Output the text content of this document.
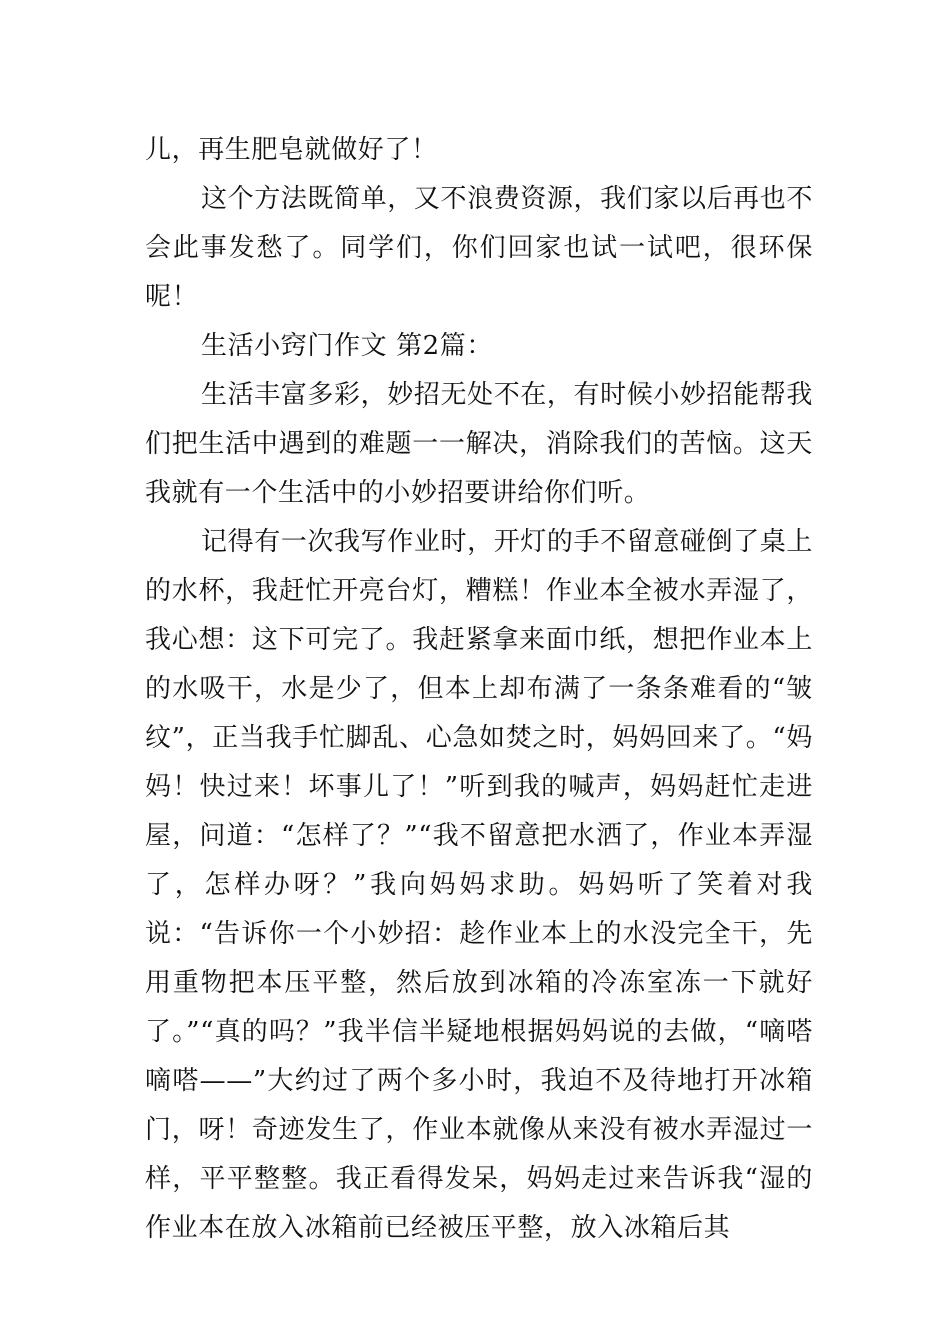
儿，再生肥皂就做好了！

这个方法既简单，又不浪费资源，我们家以后再也不会此事发愁了。同学们，你们回家也试一试吧，很环保呢！

生活小窍门作文 第2篇：

生活丰富多彩，妙招无处不在，有时候小妙招能帮我们把生活中遇到的难题一一解决，消除我们的苦恼。这天我就有一个生活中的小妙招要讲给你们听。

记得有一次我写作业时，开灯的手不留意碰倒了桌上的水杯，我赶忙开亮台灯，糟糕！作业本全被水弄湿了，我心想：这下可完了。我赶紧拿来面巾纸，想把作业本上的水吸干，水是少了，但本上却布满了一条条难看的“皱纹”，正当我手忙脚乱、心急如焚之时，妈妈回来了。“妈妈！快过来！坏事儿了！”听到我的喊声，妈妈赶忙走进屋，问道：“怎样了？”“我不留意把水洒了，作业本弄湿了，怎样办呀？”我向妈妈求助。妈妈听了笑着对我说：“告诉你一个小妙招：趁作业本上的水没完全干，先用重物把本压平整，然后放到冰箱的冷冻室冻一下就好了。”“真的吗？”我半信半疑地根据妈妈说的去做，“嘀嗒嘀嗒——”大约过了两个多小时，我迫不及待地打开冰箱门，呀！奇迹发生了，作业本就像从来没有被水弄湿过一样，平平整整。我正看得发呆，妈妈走过来告诉我“湿的作业本在放入冰箱前已经被压平整，放入冰箱后其
